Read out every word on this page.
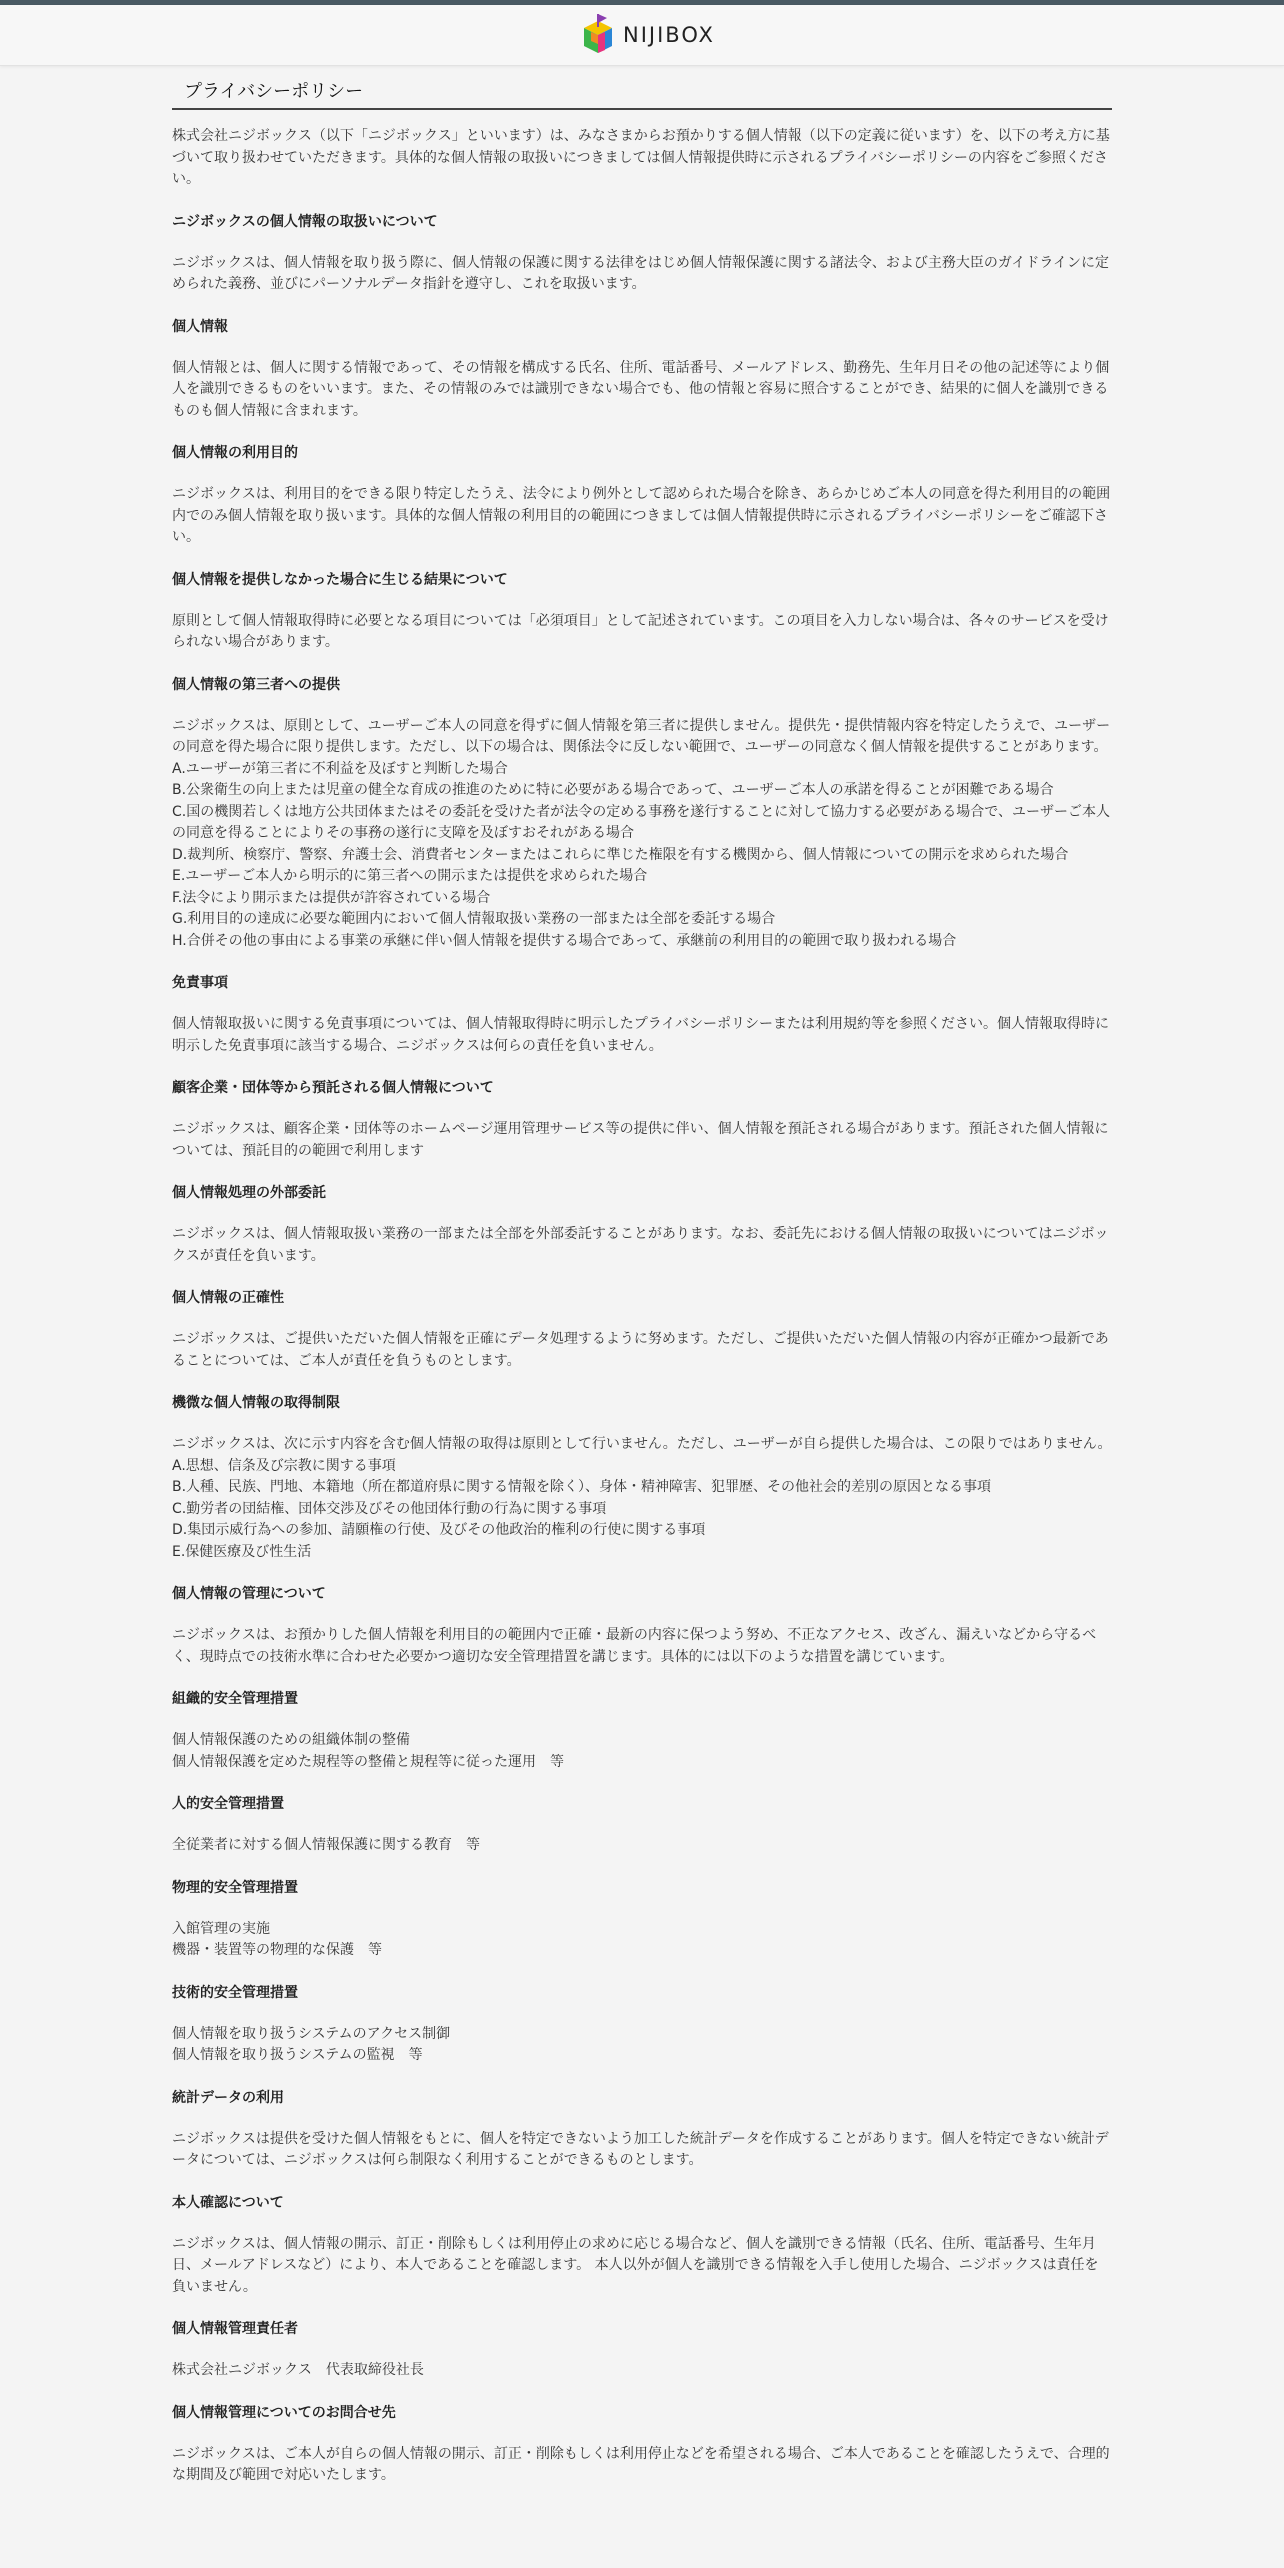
NIJIBOX
プライバシーポリシー
株式会社ニジボックス（以下「ニジボックス」といいます）は、みなさまからお預かりする個人情報（以下の定義に従います）を、以下の考え方に基づいて取り扱わせていただきます。具体的な個人情報の取扱いにつきましては個人情報提供時に示されるプライバシーポリシーの内容をご参照ください。
ニジボックスの個人情報の取扱いについて
ニジボックスは、個人情報を取り扱う際に、個人情報の保護に関する法律をはじめ個人情報保護に関する諸法令、および主務大臣のガイドラインに定められた義務、並びにパーソナルデータ指針を遵守し、これを取扱います。
個人情報
個人情報とは、個人に関する情報であって、その情報を構成する氏名、住所、電話番号、メールアドレス、勤務先、生年月日その他の記述等により個人を識別できるものをいいます。また、その情報のみでは識別できない場合でも、他の情報と容易に照合することができ、結果的に個人を識別できるものも個人情報に含まれます。
個人情報の利用目的
ニジボックスは、利用目的をできる限り特定したうえ、法令により例外として認められた場合を除き、あらかじめご本人の同意を得た利用目的の範囲内でのみ個人情報を取り扱います。具体的な個人情報の利用目的の範囲につきましては個人情報提供時に示されるプライバシーポリシーをご確認下さい。
個人情報を提供しなかった場合に生じる結果について
原則として個人情報取得時に必要となる項目については「必須項目」として記述されています。この項目を入力しない場合は、各々のサービスを受けられない場合があります。
個人情報の第三者への提供
ニジボックスは、原則として、ユーザーご本人の同意を得ずに個人情報を第三者に提供しません。提供先・提供情報内容を特定したうえで、ユーザーの同意を得た場合に限り提供します。ただし、以下の場合は、関係法令に反しない範囲で、ユーザーの同意なく個人情報を提供することがあります。
A.ユーザーが第三者に不利益を及ぼすと判断した場合
B.公衆衛生の向上または児童の健全な育成の推進のために特に必要がある場合であって、ユーザーご本人の承諾を得ることが困難である場合
C.国の機関若しくは地方公共団体またはその委託を受けた者が法令の定める事務を遂行することに対して協力する必要がある場合で、ユーザーご本人の同意を得ることによりその事務の遂行に支障を及ぼすおそれがある場合
D.裁判所、検察庁、警察、弁護士会、消費者センターまたはこれらに準じた権限を有する機関から、個人情報についての開示を求められた場合
E.ユーザーご本人から明示的に第三者への開示または提供を求められた場合
F.法令により開示または提供が許容されている場合
G.利用目的の達成に必要な範囲内において個人情報取扱い業務の一部または全部を委託する場合
H.合併その他の事由による事業の承継に伴い個人情報を提供する場合であって、承継前の利用目的の範囲で取り扱われる場合
免責事項
個人情報取扱いに関する免責事項については、個人情報取得時に明示したプライバシーポリシーまたは利用規約等を参照ください。個人情報取得時に明示した免責事項に該当する場合、ニジボックスは何らの責任を負いません。
顧客企業・団体等から預託される個人情報について
ニジボックスは、顧客企業・団体等のホームページ運用管理サービス等の提供に伴い、個人情報を預託される場合があります。預託された個人情報については、預託目的の範囲で利用します
個人情報処理の外部委託
ニジボックスは、個人情報取扱い業務の一部または全部を外部委託することがあります。なお、委託先における個人情報の取扱いについてはニジボックスが責任を負います。
個人情報の正確性
ニジボックスは、ご提供いただいた個人情報を正確にデータ処理するように努めます。ただし、ご提供いただいた個人情報の内容が正確かつ最新であることについては、ご本人が責任を負うものとします。
機微な個人情報の取得制限
ニジボックスは、次に示す内容を含む個人情報の取得は原則として行いません。ただし、ユーザーが自ら提供した場合は、この限りではありません。
A.思想、信条及び宗教に関する事項
B.人種、民族、門地、本籍地（所在都道府県に関する情報を除く）、身体・精神障害、犯罪歴、その他社会的差別の原因となる事項
C.勤労者の団結権、団体交渉及びその他団体行動の行為に関する事項
D.集団示威行為への参加、請願権の行使、及びその他政治的権利の行使に関する事項
E.保健医療及び性生活
個人情報の管理について
ニジボックスは、お預かりした個人情報を利用目的の範囲内で正確・最新の内容に保つよう努め、不正なアクセス、改ざん、漏えいなどから守るべく、現時点での技術水準に合わせた必要かつ適切な安全管理措置を講じます。具体的には以下のような措置を講じています。
組織的安全管理措置
個人情報保護のための組織体制の整備
個人情報保護を定めた規程等の整備と規程等に従った運用　等
人的安全管理措置
全従業者に対する個人情報保護に関する教育　等
物理的安全管理措置
入館管理の実施
機器・装置等の物理的な保護　等
技術的安全管理措置
個人情報を取り扱うシステムのアクセス制御
個人情報を取り扱うシステムの監視　等
統計データの利用
ニジボックスは提供を受けた個人情報をもとに、個人を特定できないよう加工した統計データを作成することがあります。個人を特定できない統計データについては、ニジボックスは何ら制限なく利用することができるものとします。
本人確認について
ニジボックスは、個人情報の開示、訂正・削除もしくは利用停止の求めに応じる場合など、個人を識別できる情報（氏名、住所、電話番号、生年月日、メールアドレスなど）により、本人であることを確認します。 本人以外が個人を識別できる情報を入手し使用した場合、ニジボックスは責任を負いません。
個人情報管理責任者
株式会社ニジボックス　代表取締役社長
個人情報管理についてのお問合せ先
ニジボックスは、ご本人が自らの個人情報の開示、訂正・削除もしくは利用停止などを希望される場合、ご本人であることを確認したうえで、合理的な期間及び範囲で対応いたします。
